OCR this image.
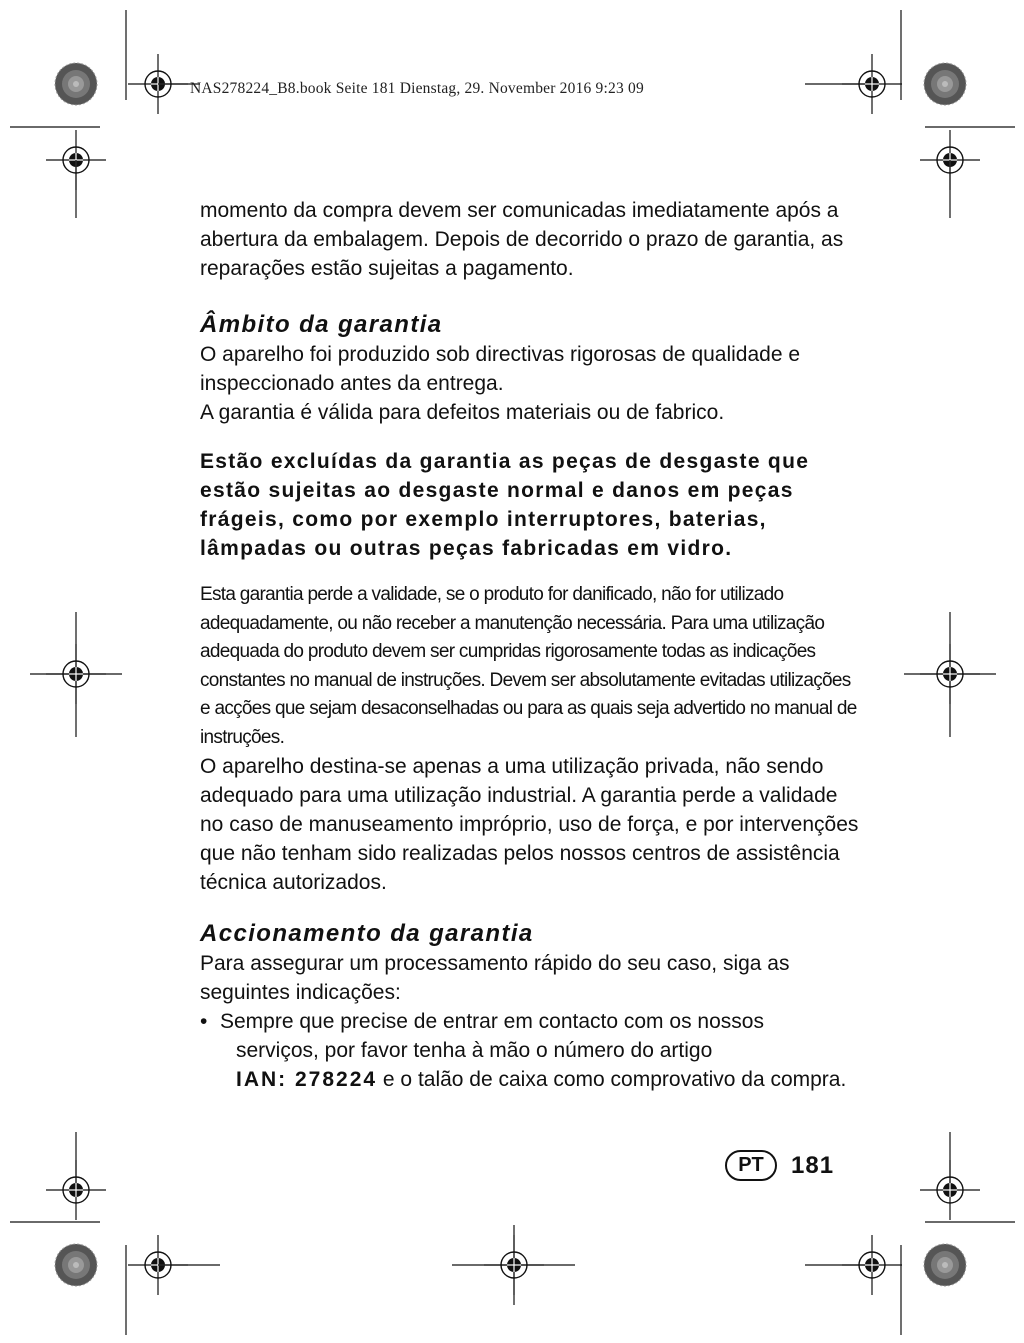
NAS278224_B8.book Seite 181 Dienstag, 29. November 2016 9:23 09

momento da compra devem ser comunicadas imediatamente após a abertura da embalagem. Depois de decorrido o prazo de garantia, as reparações estão sujeitas a pagamento.

Âmbito da garantia

O aparelho foi produzido sob directivas rigorosas de qualidade e inspeccionado antes da entrega.

A garantia é válida para defeitos materiais ou de fabrico.

Estão excluídas da garantia as peças de desgaste que estão sujeitas ao desgaste normal e danos em peças frágeis, como por exemplo interruptores, baterias, lâmpadas ou outras peças fabricadas em vidro.

Esta garantia perde a validade, se o produto for danificado, não for utilizado adequadamente, ou não receber a manutenção necessária. Para uma utilização adequada do produto devem ser cumpridas rigorosamente todas as indicações constantes no manual de instruções. Devem ser absolutamente evitadas utilizações e acções que sejam desaconselhadas ou para as quais seja advertido no manual de instruções.

O aparelho destina-se apenas a uma utilização privada, não sendo adequado para uma utilização industrial. A garantia perde a validade no caso de manuseamento impróprio, uso de força, e por intervenções que não tenham sido realizadas pelos nossos centros de assistência técnica autorizados.

Accionamento da garantia

Para assegurar um processamento rápido do seu caso, siga as seguintes indicações:

• Sempre que precise de entrar em contacto com os nossos
serviços, por favor tenha à mão o número do artigo
IAN: 278224 e o talão de caixa como comprovativo da compra.
PT	181
